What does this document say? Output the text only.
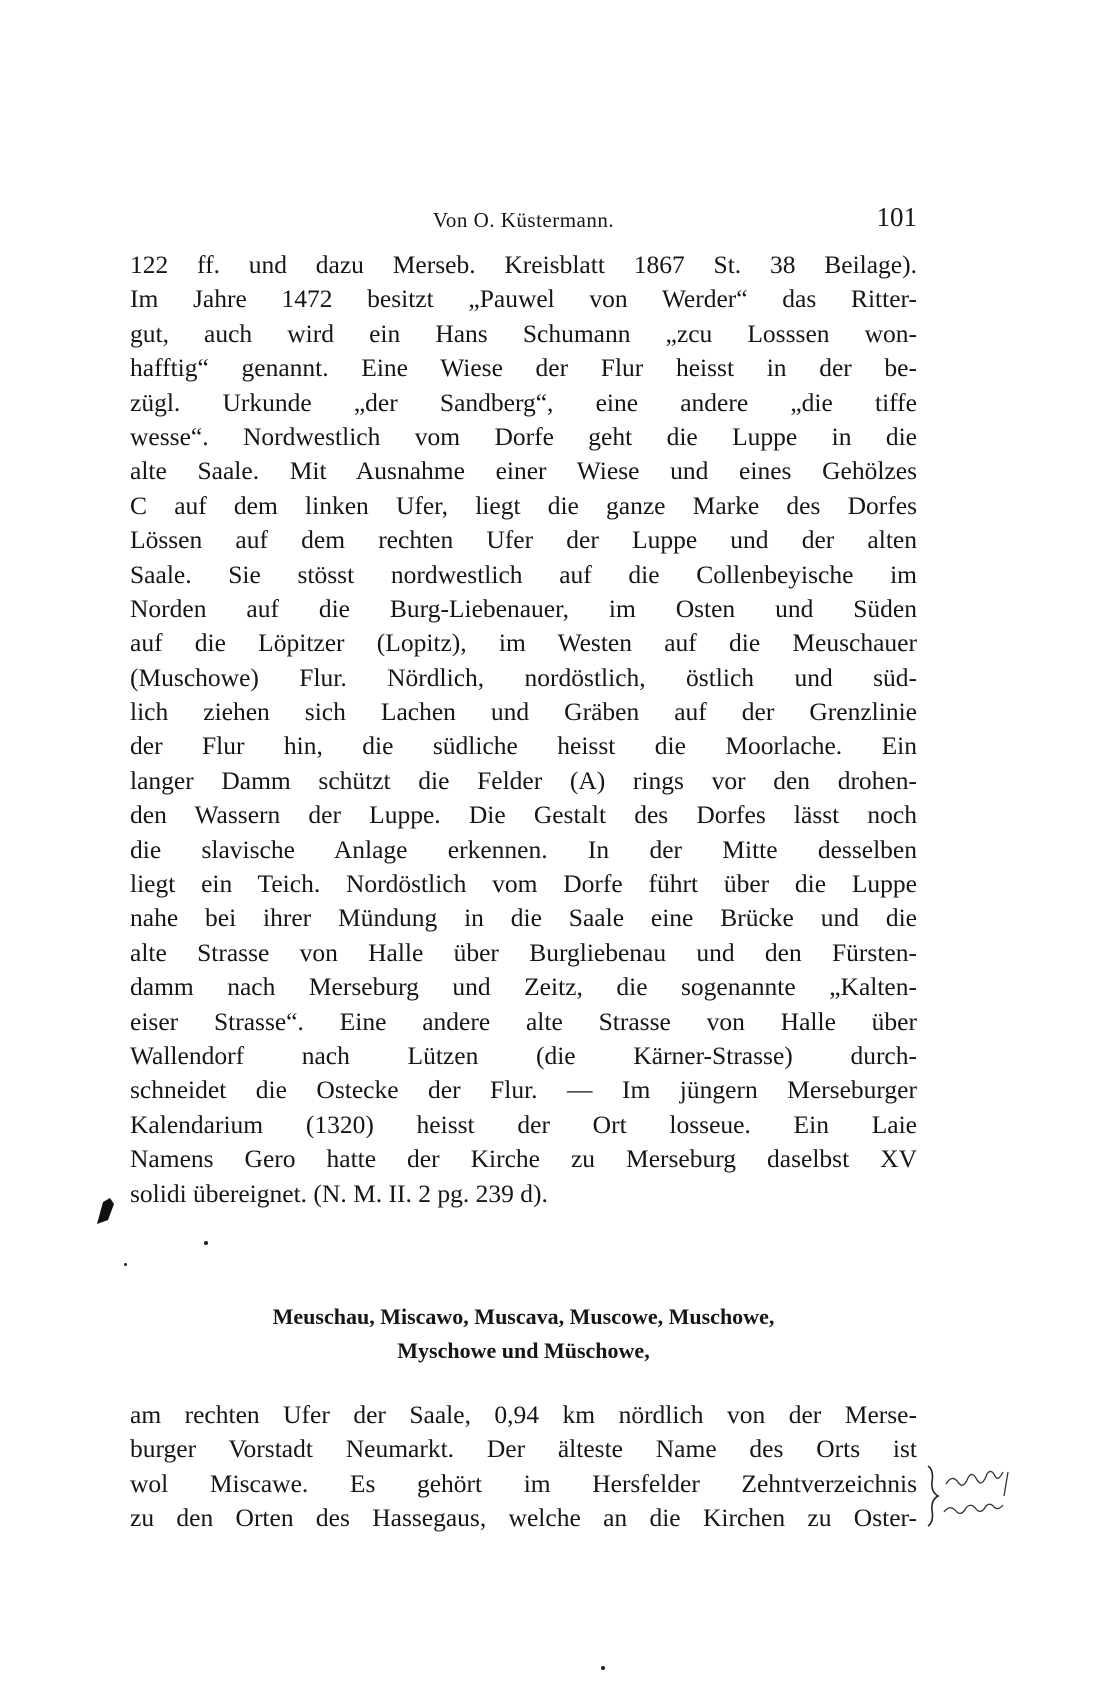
Von O. Küstermann.	101
122 ff. und dazu Merseb. Kreisblatt 1867 St. 38 Beilage).
Im Jahre 1472 besitzt „Pauwel von Werder“ das Ritter-
gut, auch wird ein Hans Schumann „zcu Losssen won-
hafftig“ genannt. Eine Wiese der Flur heisst in der be-
zügl. Urkunde „der Sandberg“, eine andere „die tiffe
wesse“. Nordwestlich vom Dorfe geht die Luppe in die
alte Saale. Mit Ausnahme einer Wiese und eines Gehölzes
C auf dem linken Ufer, liegt die ganze Marke des Dorfes
Lössen auf dem rechten Ufer der Luppe und der alten
Saale. Sie stösst nordwestlich auf die Collenbeyische im
Norden auf die Burg-Liebenauer, im Osten und Süden
auf die Löpitzer (Lopitz), im Westen auf die Meuschauer
(Muschowe) Flur. Nördlich, nordöstlich, östlich und süd-
lich ziehen sich Lachen und Gräben auf der Grenzlinie
der Flur hin, die südliche heisst die Moorlache. Ein
langer Damm schützt die Felder (A) rings vor den drohen-
den Wassern der Luppe. Die Gestalt des Dorfes lässt noch
die slavische Anlage erkennen. In der Mitte desselben
liegt ein Teich. Nordöstlich vom Dorfe führt über die Luppe
nahe bei ihrer Mündung in die Saale eine Brücke und die
alte Strasse von Halle über Burgliebenau und den Fürsten-
damm nach Merseburg und Zeitz, die sogenannte „Kalten-
eiser Strasse“. Eine andere alte Strasse von Halle über
Wallendorf nach Lützen (die Kärner-Strasse) durch-
schneidet die Ostecke der Flur. — Im jüngern Merseburger
Kalendarium (1320) heisst der Ort losseue. Ein Laie
Namens Gero hatte der Kirche zu Merseburg daselbst XV
solidi übereignet. (N. M. II. 2 pg. 239 d).
Meuschau, Miscawo, Muscava, Muscowe, Muschowe,
Myschowe und Müschowe,
am rechten Ufer der Saale, 0,94 km nördlich von der Merse-
burger Vorstadt Neumarkt. Der älteste Name des Orts ist
wol Miscawe. Es gehört im Hersfelder Zehntverzeichnis
zu den Orten des Hassegaus, welche an die Kirchen zu Oster-
